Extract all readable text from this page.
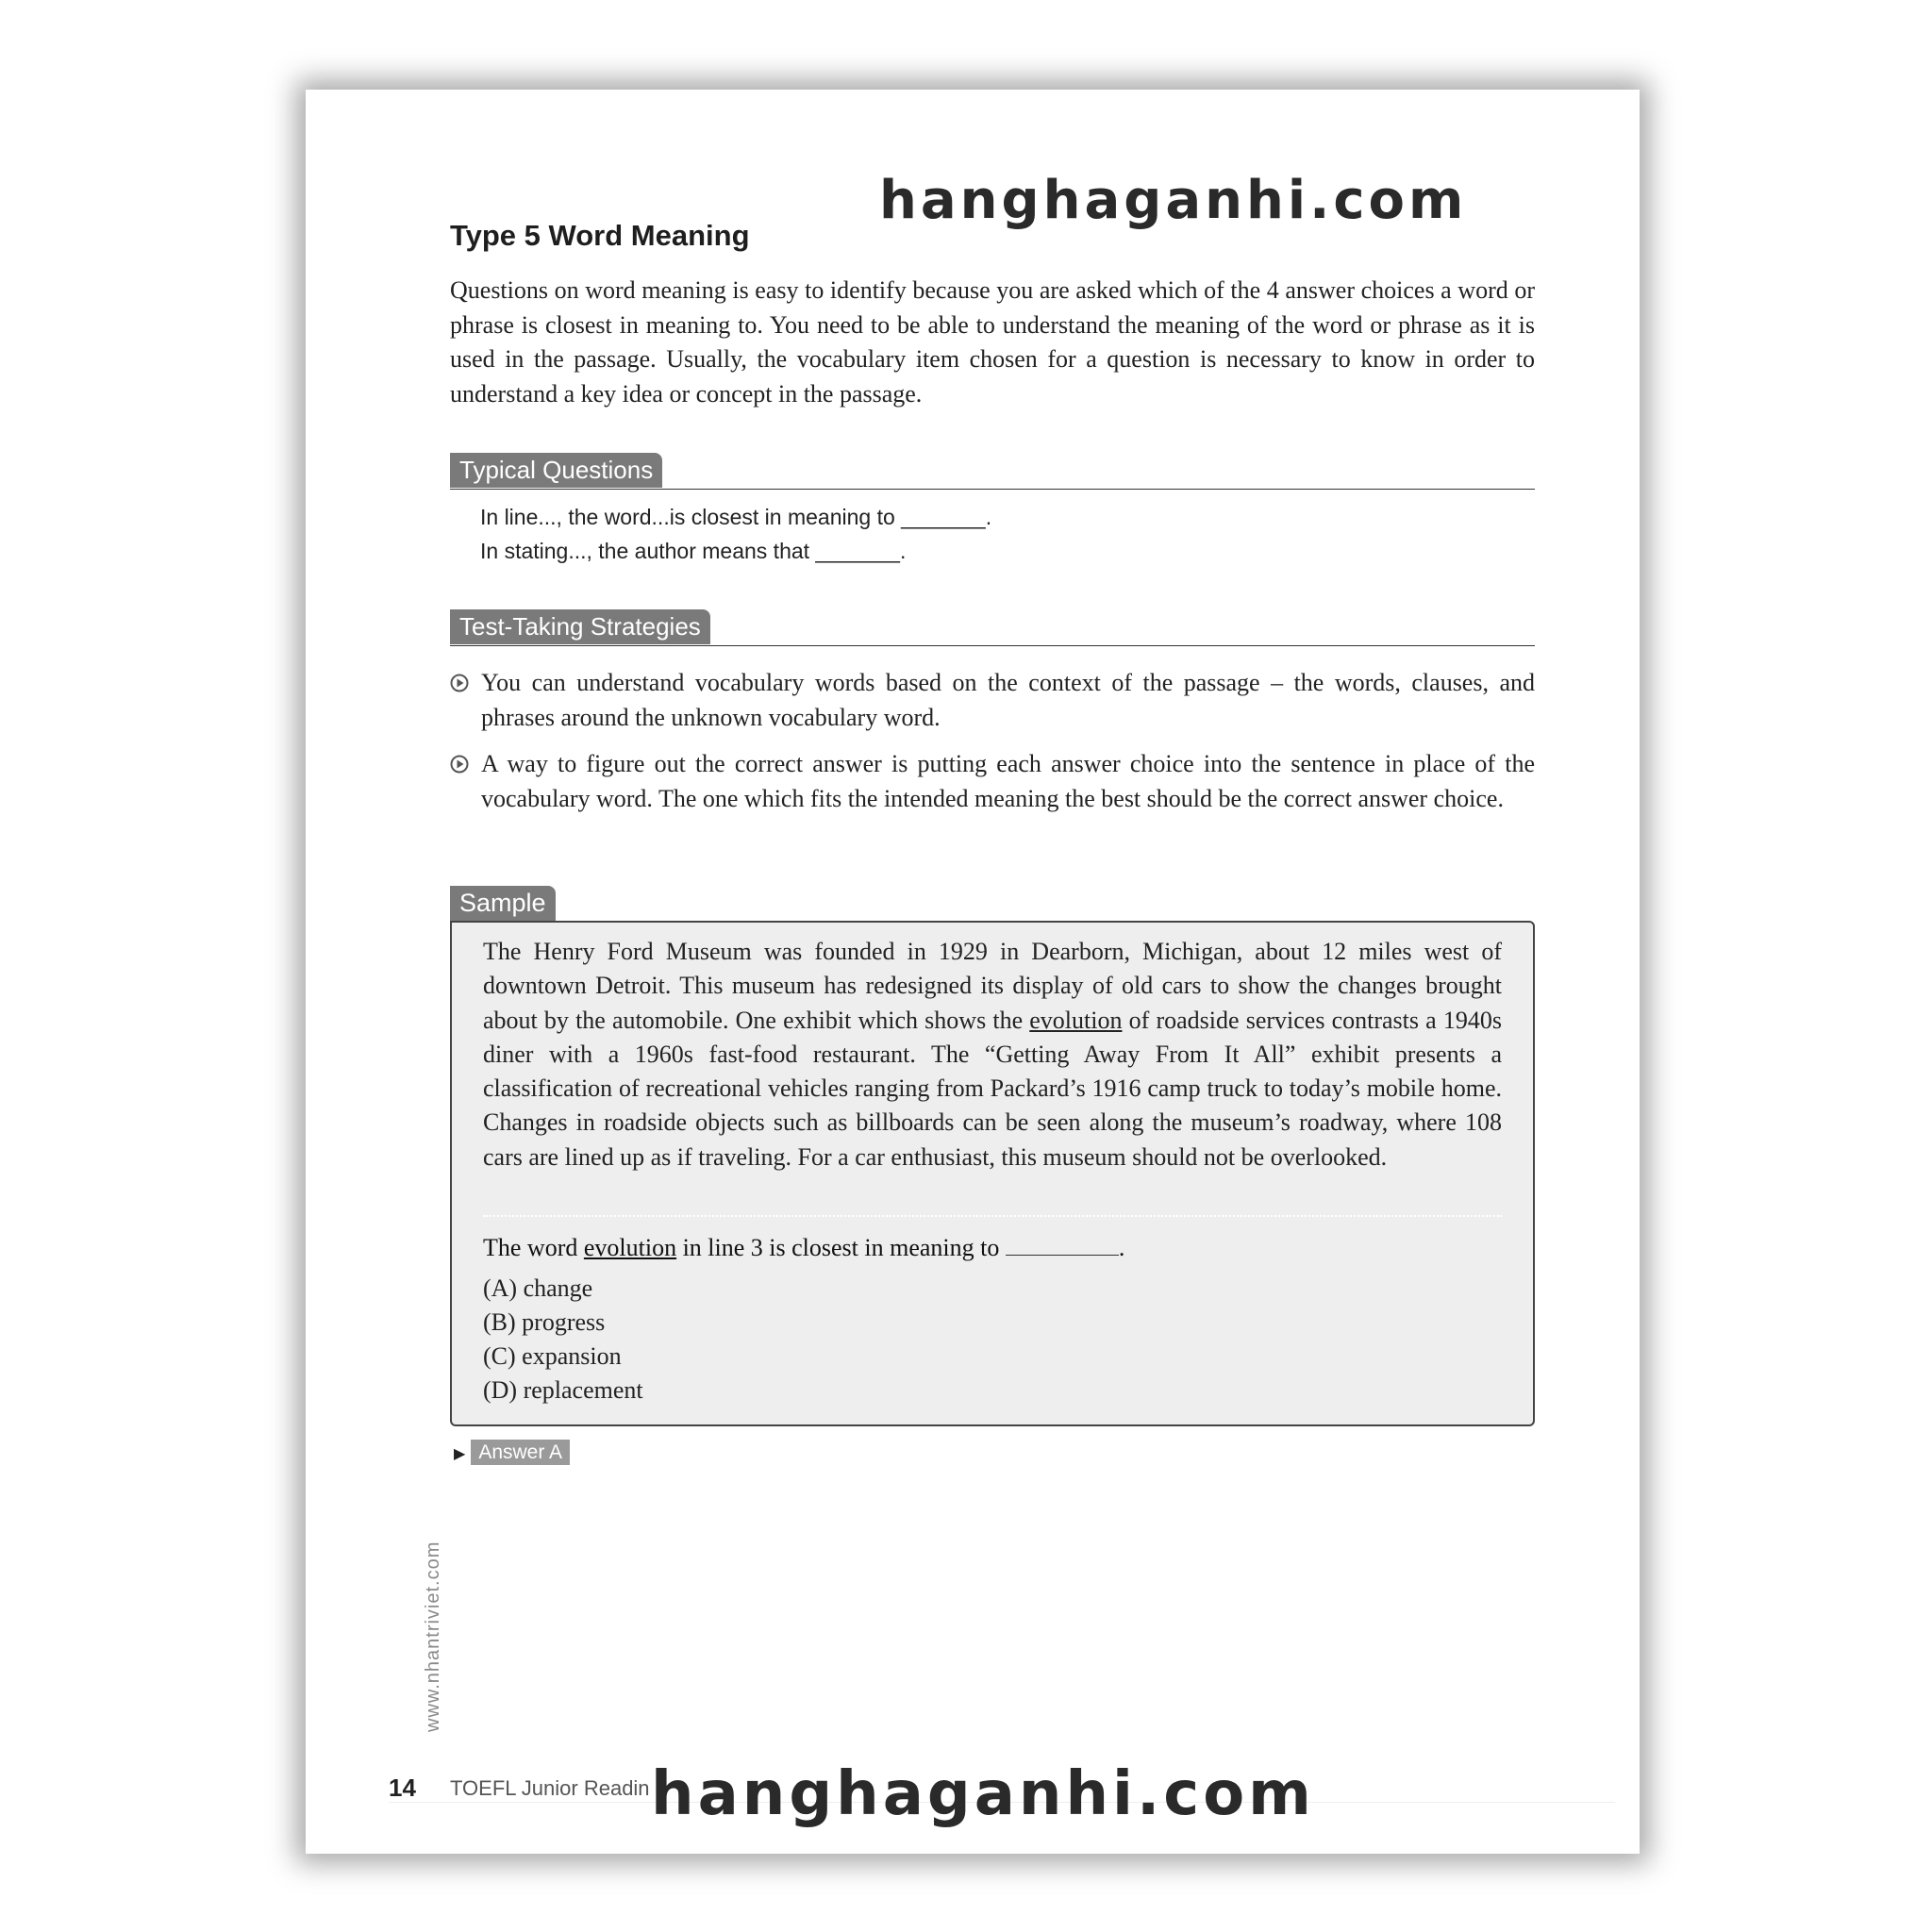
hanghaganhi.com
Type 5 Word Meaning

Questions on word meaning is easy to identify because you are asked which of the 4 answer choices a word or phrase is closest in meaning to. You need to be able to understand the meaning of the word or phrase as it is used in the passage. Usually, the vocabulary item chosen for a question is necessary to know in order to understand a key idea or concept in the passage.

Typical Questions
In line..., the word...is closest in meaning to _______.
In stating..., the author means that _______.
Test-Taking Strategies

You can understand vocabulary words based on the context of the passage – the words, clauses, and phrases around the unknown vocabulary word.

A way to figure out the correct answer is putting each answer choice into the sentence in place of the vocabulary word. The one which fits the intended meaning the best should be the correct answer choice.

Sample

The Henry Ford Museum was founded in 1929 in Dearborn, Michigan, about 12 miles west of downtown Detroit. This museum has redesigned its display of old cars to show the changes brought about by the automobile. One exhibit which shows the evolution of roadside services contrasts a 1940s diner with a 1960s fast-food restaurant. The “Getting Away From It All” exhibit presents a classification of recreational vehicles ranging from Packard’s 1916 camp truck to today’s mobile home. Changes in roadside objects such as billboards can be seen along the museum’s roadway, where 108 cars are lined up as if traveling. For a car enthusiast, this museum should not be overlooked.

The word evolution in line 3 is closest in meaning to	.
(A) change
(B) progress
(C) expansion
(D) replacement
▶ Answer A
www.nhantriviet.com
14 TOEFL Junior Readin hanghaganhi.com
